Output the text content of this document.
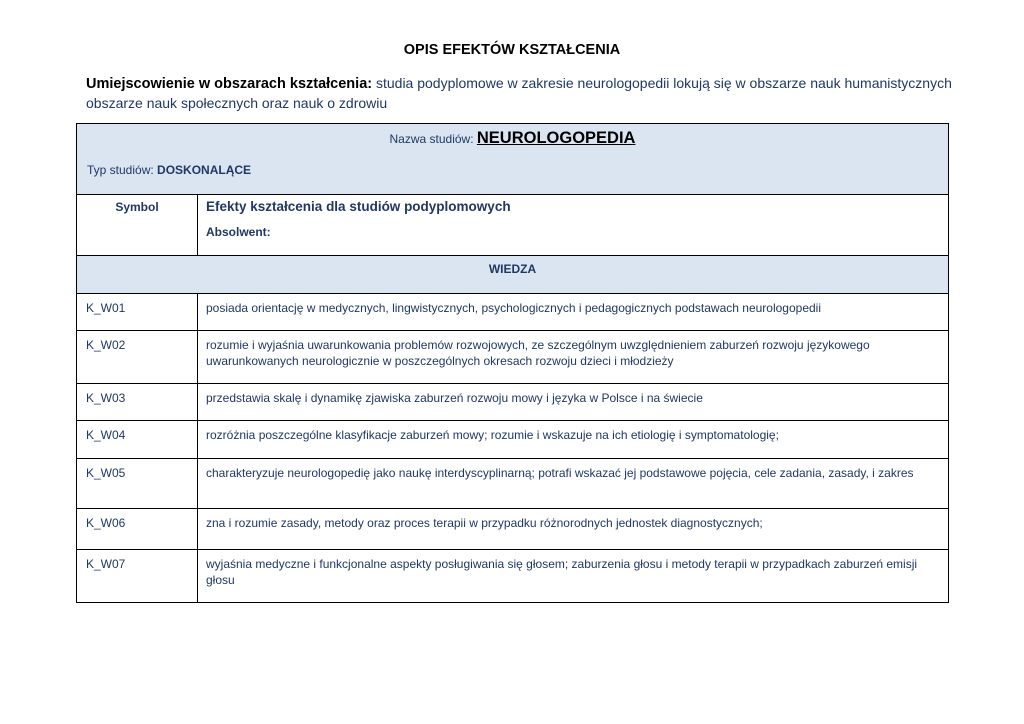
OPIS EFEKTÓW KSZTAŁCENIA
Umiejscowienie w obszarach kształcenia: studia podyplomowe w zakresie neurologopedii lokują się w obszarze nauk humanistycznych obszarze nauk społecznych oraz nauk o zdrowiu
Nazwa studiów: NEUROLOGOPEDIA
Typ studiów: DOSKONALĄCE	

Symbol	Efekty kształcenia dla studiów podyplomowych
Absolwent:

WIEDZA	

K_W01	posiada orientację w medycznych, lingwistycznych, psychologicznych i pedagogicznych podstawach neurologopedii
K_W02	rozumie i wyjaśnia uwarunkowania problemów rozwojowych, ze szczególnym uwzględnieniem zaburzeń rozwoju językowego uwarunkowanych neurologicznie w poszczególnych okresach rozwoju dzieci i młodzieży
K_W03	przedstawia skalę i dynamikę zjawiska zaburzeń rozwoju mowy i języka w Polsce i na świecie
K_W04	rozróżnia poszczególne klasyfikacje zaburzeń mowy; rozumie i wskazuje na ich etiologię i symptomatologię;
K_W05	charakteryzuje neurologopedię jako naukę interdyscyplinarną; potrafi wskazać jej podstawowe pojęcia, cele zadania, zasady, i zakres
K_W06	zna i rozumie zasady, metody oraz proces terapii w przypadku różnorodnych jednostek diagnostycznych;
K_W07	wyjaśnia medyczne i funkcjonalne aspekty posługiwania się głosem; zaburzenia głosu i metody terapii w przypadkach zaburzeń emisji głosu
